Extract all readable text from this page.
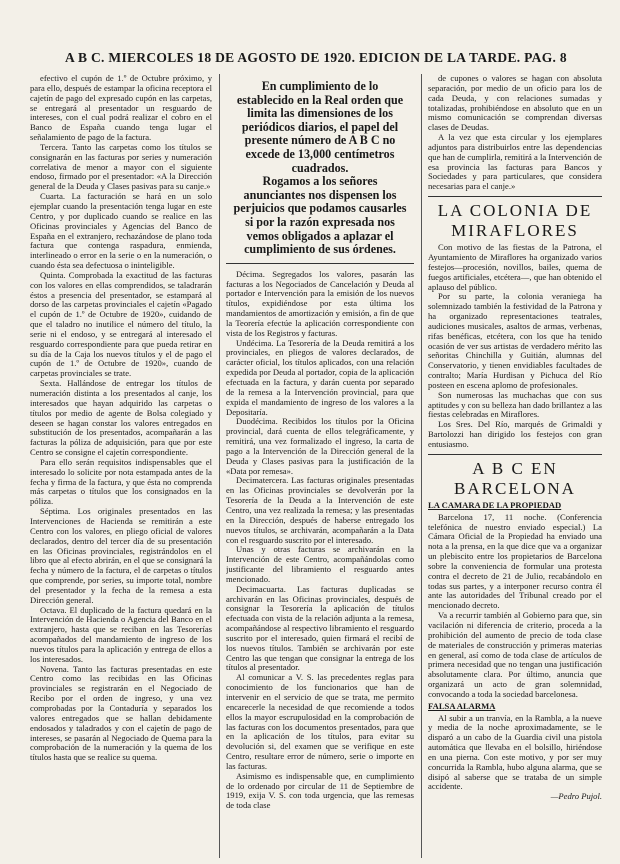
A B C. MIERCOLES 18 DE AGOSTO DE 1920. EDICION DE LA TARDE. PAG. 8

efectivo el cupón de 1.º de Octubre próximo, y para ello, después de estampar la oficina receptora el cajetín de pago del expresado cupón en las carpetas, se entregará al presentador un resguardo de intereses, con el cual podrá realizar el cobro en el Banco de España cuando tenga lugar el señalamiento de pago de la factura.

Tercera. Tanto las carpetas como los títulos se consignarán en las facturas por series y numeración correlativa de menor a mayor con el siguiente endoso, firmado por el presentador: «A la Dirección general de la Deuda y Clases pasivas para su canje.»

Cuarta. La facturación se hará en un solo ejemplar cuando la presentación tenga lugar en este Centro, y por duplicado cuando se realice en las Oficinas provinciales y Agencias del Banco de España en el extranjero, rechazándose de plano toda factura que contenga raspadura, enmienda, interlineado o error en la serie o en la numeración, o cuando ésta sea defectuosa o ininteligible.

Quinta. Comprobada la exactitud de las facturas con los valores en ellas comprendidos, se taladrarán éstos a presencia del presentador, se estampará al dorso de las carpetas provinciales el cajetín «Pagado el cupón de 1.º de Octubre de 1920», cuidando de que el taladro no inutilice el número del título, la serie ni el endoso, y se entregará al interesado el resguardo correspondiente para que pueda retirar en su día de la Caja los nuevos títulos y el de pago el cupón de 1.º de Octubre de 1920», cuando de carpetas provinciales se trate.

Sexta. Hallándose de entregar los títulos de numeración distinta a los presentados al canje, los interesados que hayan adquirido las carpetas o títulos por medio de agente de Bolsa colegiado y deseen se hagan constar los valores entregados en substitución de los presentados, acompañarán a las facturas la póliza de adquisición, para que por este Centro se consigne el cajetín correspondiente.

Para ello serán requisitos indispensables que el interesado lo solicite por nota estampada antes de la fecha y firma de la factura, y que ésta no comprenda más carpetas o títulos que los consignados en la póliza.

Séptima. Los originales presentados en las Intervenciones de Hacienda se remitirán a este Centro con los valores, en pliego oficial de valores declarados, dentro del tercer día de su presentación en las Oficinas provinciales, registrándolos en el libro que al efecto abrirán, en el que se consignará la fecha y número de la factura, el de carpetas o títulos que comprende, por series, su importe total, nombre del presentador y la fecha de la remesa a esta Dirección general.

Octava. El duplicado de la factura quedará en la Intervención de Hacienda o Agencia del Banco en el extranjero, hasta que se reciban en las Tesorerías acompañados del mandamiento de ingreso de los nuevos títulos para la aplicación y entrega de ellos a los interesados.

Novena. Tanto las facturas presentadas en este Centro como las recibidas en las Oficinas provinciales se registrarán en el Negociado de Recibo por el orden de ingreso, y una vez comprobadas por la Contaduría y separados los valores entregados que se hallan debidamente endosados y taladrados y con el cajetín de pago de intereses, se pasarán al Negociado de Quema para la comprobación de la numeración y la quema de los títulos hasta que se realice su quema.

En cumplimiento de lo establecido en la Real orden que limita las dimensiones de los periódicos diarios, el papel del presente número de A B C no excede de 13,000 centímetros cuadrados.

Rogamos a los señores anunciantes nos dispensen los perjuicios que podamos causarles si por la razón expresada nos vemos obligados a aplazar el cumplimiento de sus órdenes.

Décima. Segregados los valores, pasarán las facturas a los Negociados de Cancelación y Deuda al portador e Intervención para la emisión de los nuevos títulos, expidiéndose por esta última los mandamientos de amortización y emisión, a fin de que la Teorería efectúe la aplicación correspondiente con vista de los Registros y facturas.

Undécima. La Tesorería de la Deuda remitirá a los provinciales, en pliegos de valores declarados, de carácter oficial, los títulos aplicados, con una relación expedida por Deuda al portador, copia de la aplicación efectuada en la factura, y darán cuenta por separado de la remesa a la Intervención provincial, para que expida el mandamiento de ingreso de los valores a la Depositaría.

Duodécima. Recibidos los títulos por la Oficina provincial, dará cuenta de ellos telegráficamente, y remitirá, una vez formalizado el ingreso, la carta de pago a la Intervención de la Dirección general de la Deuda y Clases pasivas para la justificación de la «Data por remesa».

Decimatercera. Las facturas originales presentadas en las Oficinas provinciales se devolverán por la Tesorería de la Deuda a la Intervención de este Centro, una vez realizada la remesa; y las presentadas en la Dirección, después de haberse entregado los nuevos títulos, se archivarán, acompañarán a la Data con el resguardo suscrito por el interesado.

Unas y otras facturas se archivarán en la Intervención de este Centro, acompañándolas como justificante del libramiento el resguardo antes mencionado.

Decimacuarta. Las facturas duplicadas se archivarán en las Oficinas provinciales, después de consignar la Tesorería la aplicación de títulos efectuada con vista de la relación adjunta a la remesa, acompañándose al respectivo libramiento el resguardo suscrito por el interesado, quien firmará el recibí de los nuevos títulos. También se archivarán por este Centro las que tengan que consignar la entrega de los títulos al presentador.

Al comunicar a V. S. las precedentes reglas para conocimiento de los funcionarios que han de intervenir en el servicio de que se trata, me permito encarecerle la necesidad de que recomiende a todos ellos la mayor escrupulosidad en la comprobación de las facturas con los documentos presentados, para que en la aplicación de los títulos, para evitar su devolución si, del examen que se verifique en este Centro, resultare error de número, serie o importe en las facturas.

Asimismo es indispensable que, en cumplimiento de lo ordenado por circular de 11 de Septiembre de 1919, exija V. S. con toda urgencia, que las remesas de toda clase

de cupones o valores se hagan con absoluta separación, por medio de un oficio para los de cada Deuda, y con relaciones sumadas y totalizadas, prohibiéndose en absoluto que en un mismo comunicación se comprendan diversas clases de Deudas.

A la vez que esta circular y los ejemplares adjuntos para distribuirlos entre las dependencias que han de cumplirla, remitirá a la Intervención de esa provincia las facturas para Bancos y Sociedades y para particulares, que considera necesarias para el canje.»

LA COLONIA DE MIRAFLORES

Con motivo de las fiestas de la Patrona, el Ayuntamiento de Miraflores ha organizado varios festejos—procesión, novillos, bailes, quema de fuegos artificiales, etcétera—, que han obtenido el aplauso del público.

Por su parte, la colonia veraniega ha solemnizado también la festividad de la Patrona y ha organizado representaciones teatrales, audiciones musicales, asaltos de armas, verbenas, rifas benéficas, etcétera, con los que ha tenido ocasión de ver sus artistas de verdadero mérito las señoritas Chinchilla y Guitián, alumnas del Conservatorio, y tienen envidiables facultades de contralto; María Hurdisan y Pichuca del Río posteen en escena aplomo de profesionales.

Son numerosas las muchachas que con sus aptitudes y con su belleza han dado brillantez a las fiestas celebradas en Miraflores.

Los Sres. Del Río, marqués de Grimaldi y Bartolozzi han dirigido los festejos con gran entusiasmo.

A B C EN BARCELONA

LA CAMARA DE LA PROPIEDAD

Barcelona 17, 11 noche. (Conferencia telefónica de nuestro enviado especial.) La Cámara Oficial de la Propiedad ha enviado una nota a la prensa, en la que dice que va a organizar un plebiscito entre los propietarios de Barcelona sobre la conveniencia de formular una protesta contra el decreto de 21 de Julio, recabándolo en todas sus partes, y a interponer recurso contra él ante las autoridades del Tribunal creado por el mencionado decreto.

Va a recurrir también al Gobierno para que, sin vacilación ni diferencia de criterio, proceda a la prohibición del aumento de precio de toda clase de materiales de construcción y primeras materias en general, así como de toda clase de artículos de primera necesidad que no tengan una justificación absolutamente clara. Por último, anuncia que organizará un acto de gran solemnidad, convocando a toda la sociedad barcelonesa.

FALSA ALARMA

Al subir a un tranvía, en la Rambla, a la nueve y media de la noche aproximadamente, se le disparó a un cabo de la Guardia civil una pistola automática que llevaba en el bolsillo, hiriéndose en una pierna. Con este motivo, y por ser muy concurrida la Rambla, hubo alguna alarma, que se disipó al saberse que se trataba de un simple accidente.

—Pedro Pujol.
